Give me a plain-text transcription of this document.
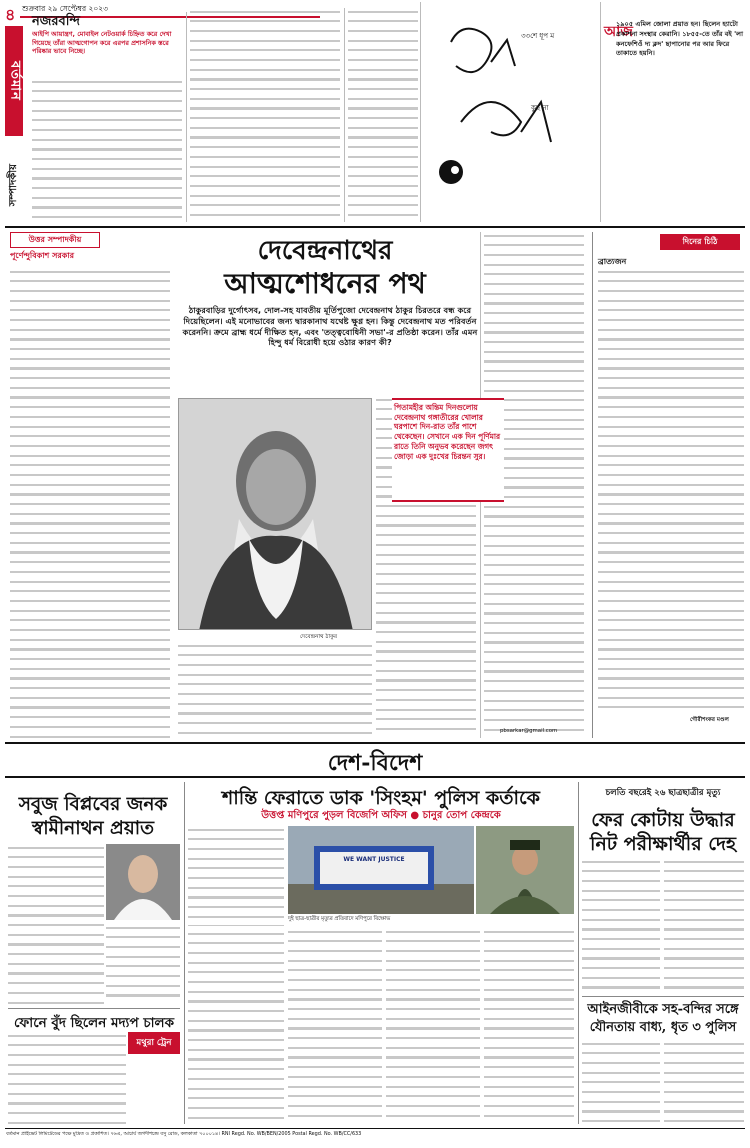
৪ শুক্রবার ২৯ সেপ্টেম্বর ২০২৩
বর্তমান
সম্পাদকীয়
নজরবন্দি
আইপি আয়ান্ত্রণ, মোবাইল নেটওয়ার্ক চিহ্নিত করে দেখা গিয়েছে তাঁরা আত্মগোপন করে এরপর প্রশাসনিক স্তরে পরিষ্কার ভাবে নিচ্ছে।
৩৩শে ধূপ ম
কুছ না
আজ
১৯০৫ এমিল জোলা প্রয়াত হন। ছিলেন হ্যাটো প্রকাশনা সংস্থার কেরানি। ১৮৫৫-তে তাঁর বই 'লা কনফেশিওঁ দ্য ক্লদ' ছাপানোর পর আর ফিরে তাকাতে হয়নি।
উত্তর সম্পাদকীয়
পূর্ণেন্দুবিকাশ সরকার	দেবেন্দ্রনাথের
আত্মশোধনের পথ
ঠাকুরবাড়ির দুর্গোৎসব, দোল-সহ যাবতীয় মূর্তিপুজো দেবেন্দ্রনাথ ঠাকুর চিরতরে বন্ধ করে দিয়েছিলেন। এই মনোভাবের জন্য দ্বারকানাথ যথেষ্ট ক্ষুণ্ণ হন। কিন্তু দেবেন্দ্রনাথ মত পরিবর্তন করেননি। ক্রমে ব্রাহ্ম ধর্মে দীক্ষিত হন, এবং 'তত্ত্ববোধিনী সভা'-র প্রতিষ্ঠা করেন। তাঁর এমন হিন্দু ধর্ম বিরোধী হয়ে ওঠার কারণ কী?
দেবেন্দ্রনাথ ঠাকুর
পিতামহীর অন্তিম দিনগুলোয় দেবেন্দ্রনাথ গঙ্গাতীরের খোলার ঘরপাশে দিন-রাত তাঁর পাশে থেকেছেন। সেখানে এক দিন পূর্ণিমার রাতে তিনি অনুভব করেছেন জগৎ জোড়া এক দুঃখের চিরন্তন সুর।
pbsarkar@gmail.com
দিনের চিঠি
ব্রাত্যজন
গৌরীশংকর মণ্ডল
দেশ-বিদেশ
সবুজ বিপ্লবের জনক
স্বামীনাথন প্রয়াত
ফোনে বুঁদ ছিলেন মদ্যপ চালক
মথুরা ট্রেন
শান্তি ফেরাতে ডাক 'সিংহম' পুলিস কর্তাকে
উত্তপ্ত মণিপুরে পুড়ল বিজেপি অফিস ● চানুর তোপ কেন্দ্রকে
WE WANT JUSTICE
দুই ছাত্র-ছাত্রীর মৃত্যুর প্রতিবাদে মণিপুরে বিক্ষোভ
চলতি বছরেই ২৬ ছাত্রছাত্রীর মৃত্যু
ফের কোটায় উদ্ধার
নিট পরীক্ষার্থীর দেহ
আইনজীবীকে সহ-বন্দির সঙ্গে
যৌনতায় বাধ্য, ধৃত ৩ পুলিস
বর্তমান প্রাইভেট লিমিটেডের পক্ষে মুদ্রিত ও প্রকাশিত। ৭৬এ, আচার্য জগদীশচন্দ্র বসু রোড, কলকাতা ৭০০০১৪। RNI Regd. No. WB/BEN/2005 Postal Regd. No. WB/CC/633
